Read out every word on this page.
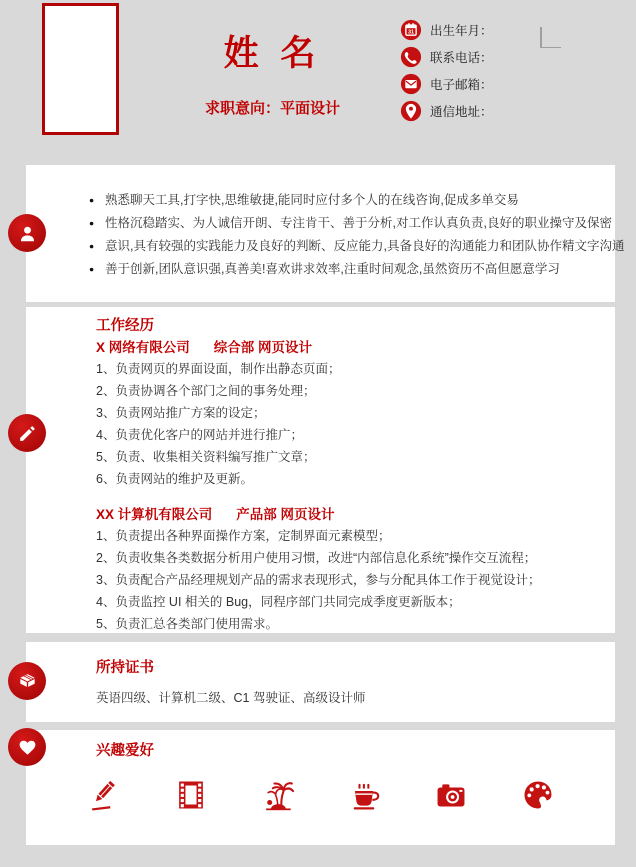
姓 名
求职意向：平面设计
31 出生年月：
联系电话：
电子邮箱：
通信地址：
● 熟悉聊天工具,打字快,思维敏捷,能同时应付多个人的在线咨询,促成多单交易
● 性格沉稳踏实、为人诚信开朗、专注肯干、善于分析,对工作认真负责,良好的职业操守及保密
● 意识,具有较强的实践能力及良好的判断、反应能力,具备良好的沟通能力和团队协作精文字沟通
● 善于创新,团队意识强,真善美!喜欢讲求效率,注重时间观念,虽然资历不高但愿意学习
工作经历
X 网络有限公司 综合部 网页设计
1、负责网页的界面设面，制作出静态页面；
2、负责协调各个部门之间的事务处理；
3、负责网站推广方案的设定；
4、负责优化客户的网站并进行推广；
5、负责、收集相关资料编写推广文章；
6、负责网站的维护及更新。
XX 计算机有限公司 产品部 网页设计
1、负责提出各种界面操作方案，定制界面元素模型；
2、负责收集各类数据分析用户使用习惯，改进“内部信息化系统”操作交互流程；
3、负责配合产品经理规划产品的需求表现形式，参与分配具体工作于视觉设计；
4、负责监控 UI 相关的 Bug，同程序部门共同完成季度更新版本；
5、负责汇总各类部门使用需求。
所持证书
英语四级、计算机二级、C1 驾驶证、高级设计师
兴趣爱好
